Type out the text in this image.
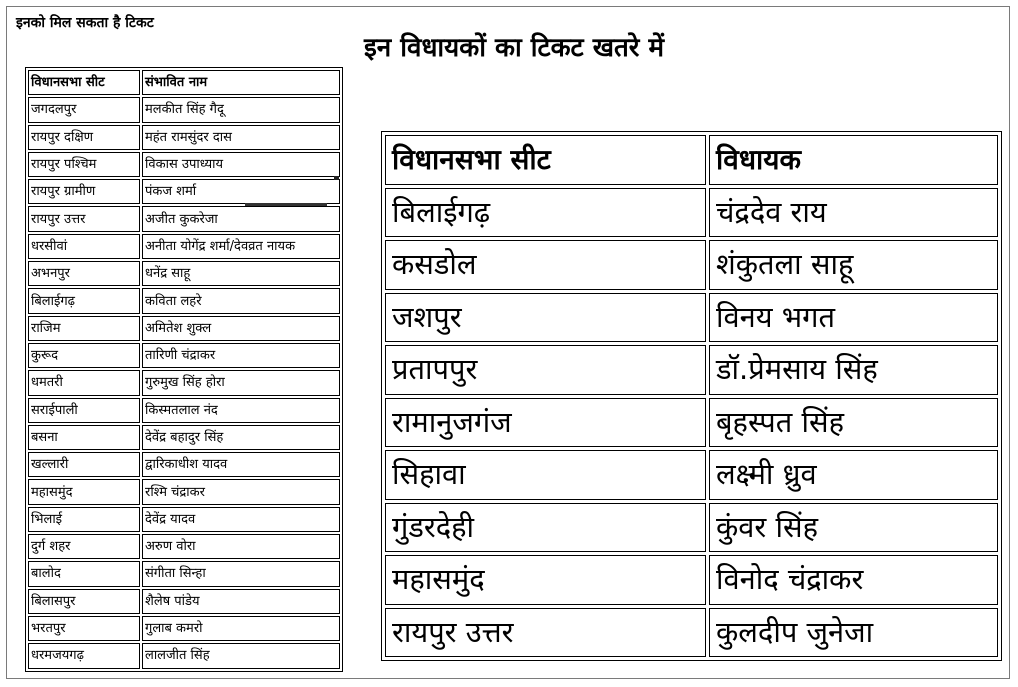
इनको मिल सकता है टिकट
इन विधायकों का टिकट खतरे में
विधानसभा सीट	संभावित नाम
जगदलपुर	मलकीत सिंह गैदू
रायपुर दक्षिण	महंत रामसुंदर दास
रायपुर पश्चिम	विकास उपाध्याय
रायपुर ग्रामीण	पंकज शर्मा
रायपुर उत्तर	अजीत कुकरेजा
धरसीवां	अनीता योगेंद्र शर्मा/देवव्रत नायक
अभनपुर	धनेंद्र साहू
बिलाईगढ़	कविता लहरे
राजिम	अमितेश शुक्ल
कुरूद	तारिणी चंद्राकर
धमतरी	गुरुमुख सिंह होरा
सराईपाली	किस्मतलाल नंद
बसना	देवेंद्र बहादुर सिंह
खल्लारी	द्वारिकाधीश यादव
महासमुंद	रश्मि चंद्राकर
भिलाई	देवेंद्र यादव
दुर्ग शहर	अरुण वोरा
बालोद	संगीता सिन्हा
बिलासपुर	शैलेष पांडेय
भरतपुर	गुलाब कमरो
धरमजयगढ़	लालजीत सिंह
विधानसभा सीट	विधायक
बिलाईगढ़	चंद्रदेव राय
कसडोल	शंकुतला साहू
जशपुर	विनय भगत
प्रतापपुर	डॉ.प्रेमसाय सिंह
रामानुजगंज	बृहस्पत सिंह
सिहावा	लक्ष्मी ध्रुव
गुंडरदेही	कुंवर सिंह
महासमुंद	विनोद चंद्राकर
रायपुर उत्तर	कुलदीप जुनेजा
